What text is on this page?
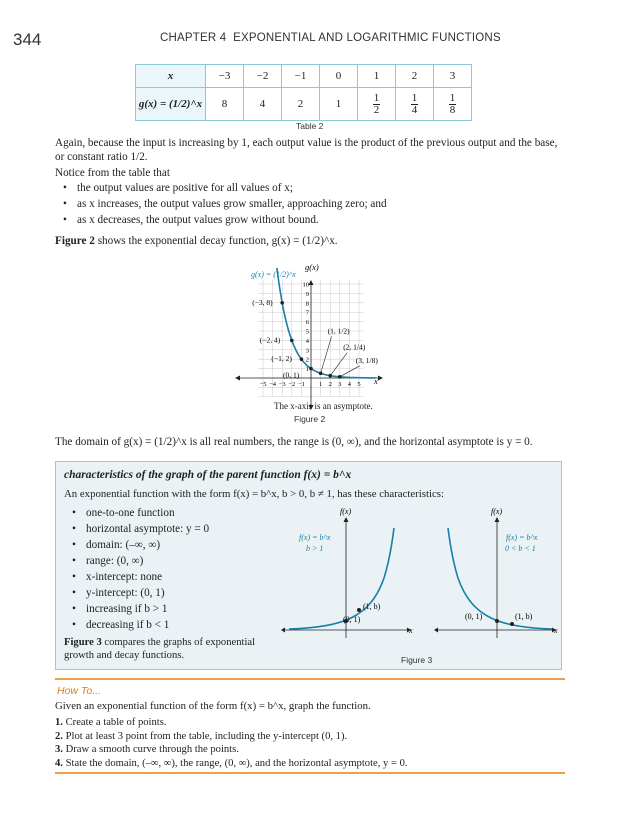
344	CHAPTER 4 EXPONENTIAL AND LOGARITHMIC FUNCTIONS
x	−3	−2	−1	0	1	2	3
g(x) = (1/2)^x	8	4	2	1	$\frac{1}{2}$	$\frac{1}{4}$	$\frac{1}{8}$
Table 2
Again, because the input is increasing by 1, each output value is the product of the previous output and the base, or constant ratio 1/2.
Notice from the table that
• the output values are positive for all values of x;
• as x increases, the output values grow smaller, approaching zero; and
• as x decreases, the output values grow without bound.
Figure 2 shows the exponential decay function, g(x) = (1/2)^x.
10
9
8
7
6
5
4
3
2
1
−5 −4 −3 −2 −1 1 2 3 4 5
(−3, 8)
(−2, 4)
(−1, 2)
(0, 1)
(1, 1/2)
(2, 1/4)
(3, 1/8)
g(x)
x
g(x) = (1/2)^x
The x-axis is an asymptote.
Figure 2
The domain of g(x) = (1/2)^x is all real numbers, the range is (0, ∞), and the horizontal asymptote is y = 0.
characteristics of the graph of the parent function f(x) = b^x
An exponential function with the form f(x) = b^x, b > 0, b ≠ 1, has these characteristics:
• one-to-one function
• horizontal asymptote: y = 0
• domain: (–∞, ∞)
• range: (0, ∞)
• x-intercept: none
• y-intercept: (0, 1)
• increasing if b > 1
• decreasing if b < 1
Figure 3 compares the graphs of exponential growth and decay functions.
f(x)
x
f(x) = b^x
b > 1
(1, b)
(0, 1)
f(x)
x
f(x) = b^x
0 < b < 1
(1, b)
(0, 1)
Figure 3
How To...
Given an exponential function of the form f(x) = b^x, graph the function.
1. Create a table of points.
2. Plot at least 3 point from the table, including the y-intercept (0, 1).
3. Draw a smooth curve through the points.
4. State the domain, (–∞, ∞), the range, (0, ∞), and the horizontal asymptote, y = 0.
